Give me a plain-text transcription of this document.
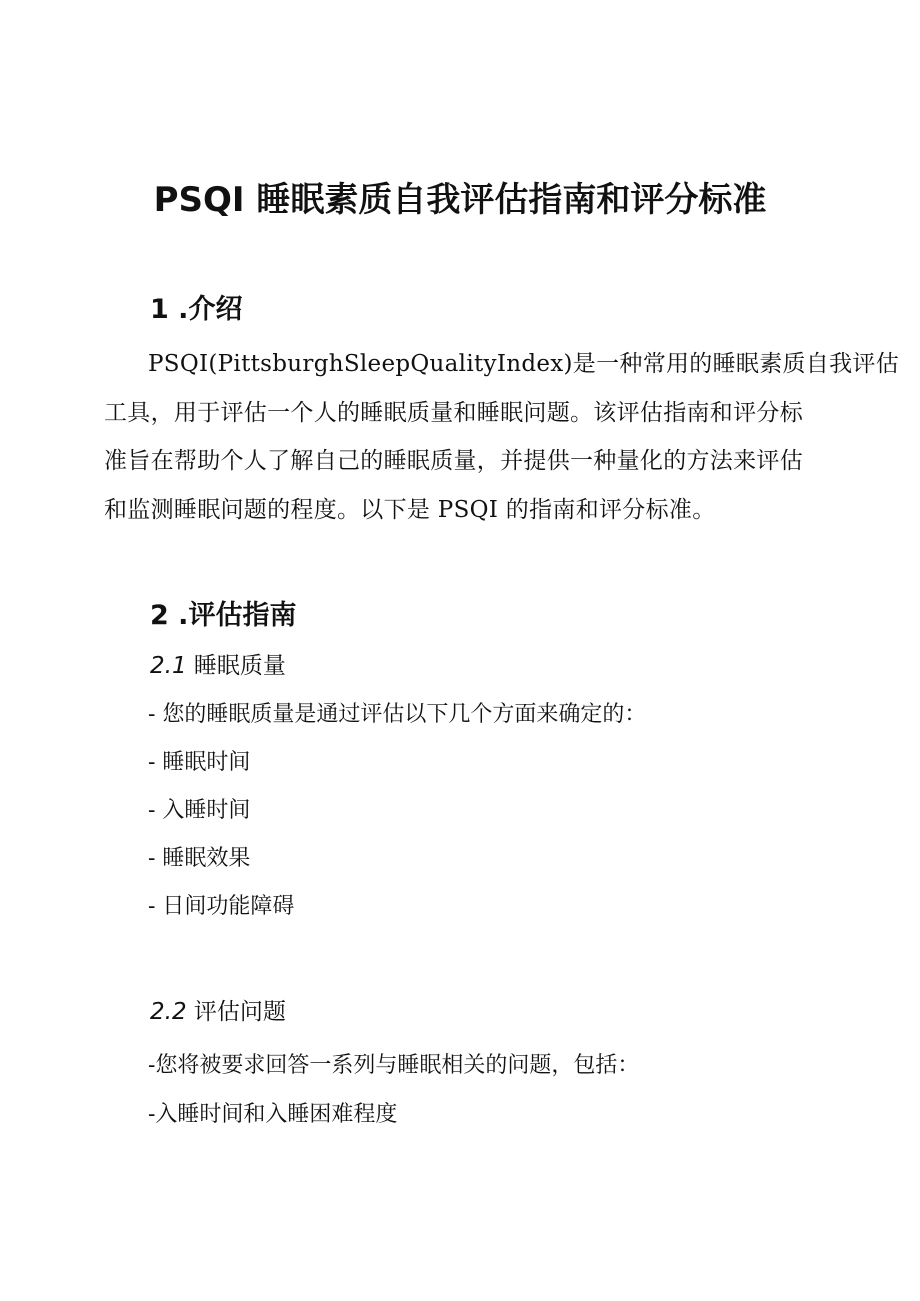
PSQI 睡眠素质自我评估指南和评分标准
1 .介绍
PSQI(PittsburghSleepQualityIndex)是一种常用的睡眠素质自我评估
工具，用于评估一个人的睡眠质量和睡眠问题。该评估指南和评分标
准旨在帮助个人了解自己的睡眠质量，并提供一种量化的方法来评估
和监测睡眠问题的程度。以下是 PSQI 的指南和评分标准。
2 .评估指南
2.1 睡眠质量
- 您的睡眠质量是通过评估以下几个方面来确定的：
- 睡眠时间
- 入睡时间
- 睡眠效果
- 日间功能障碍
2.2 评估问题
-您将被要求回答一系列与睡眠相关的问题，包括：
-入睡时间和入睡困难程度
